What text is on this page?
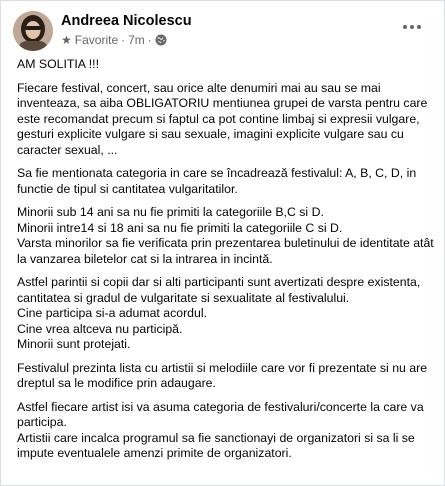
Andreea Nicolescu
★ Favorite · 7m ·

AM SOLITIA !!!

Fiecare festival, concert, sau orice alte denumiri mai au sau se mai inventeaza, sa aiba OBLIGATORIU mentiunea grupei de varsta pentru care este recomandat precum si faptul ca pot contine limbaj si expresii vulgare, gesturi explicite vulgare si sau sexuale, imagini explicite vulgare sau cu caracter sexual, ...

Sa fie mentionata categoria in care se încadrează festivalul: A, B, C, D, in functie de tipul si cantitatea vulgaritatilor.

Minorii sub 14 ani sa nu fie primiti la categoriile B,C si D.
Minorii intre14 si 18 ani sa nu fie primiti la categoriile C si D.
Varsta minorilor sa fie verificata prin prezentarea buletinului de identitate atât la vanzarea biletelor cat si la intrarea in incintă.

Astfel parintii si copii dar si alti participanti sunt avertizati despre existenta, cantitatea si gradul de vulgaritate si sexualitate al festivalului.
Cine participa si-a adumat acordul.
Cine vrea altceva nu participă.
Minorii sunt protejati.

Festivalul prezinta lista cu artistii si melodiile care vor fi prezentate si nu are dreptul sa le modifice prin adaugare.

Astfel fiecare artist isi va asuma categoria de festivaluri/concerte la care va participa.
Artistii care incalca programul sa fie sanctionayi de organizatori si sa li se impute eventualele amenzi primite de organizatori.
